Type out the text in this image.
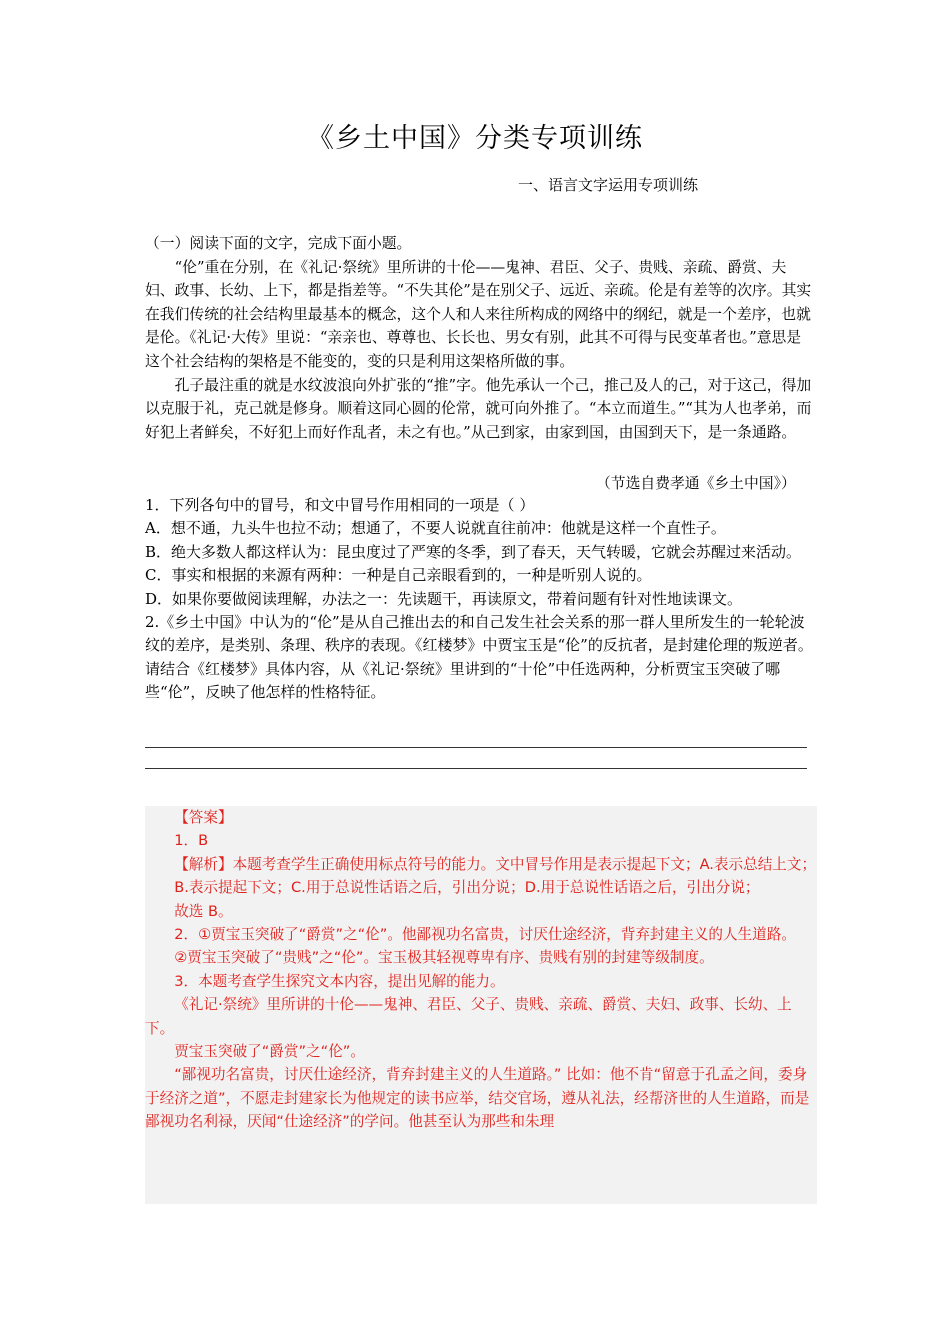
《乡土中国》分类专项训练
一、语言文字运用专项训练

（一）阅读下面的文字，完成下面小题。

“伦”重在分别，在《礼记·祭统》里所讲的十伦——鬼神、君臣、父子、贵贱、亲疏、爵赏、夫妇、政事、长幼、上下，都是指差等。“不失其伦”是在别父子、远近、亲疏。伦是有差等的次序。其实在我们传统的社会结构里最基本的概念，这个人和人来往所构成的网络中的纲纪，就是一个差序，也就是伦。《礼记·大传》里说：“亲亲也、尊尊也、长长也、男女有别，此其不可得与民变革者也。”意思是这个社会结构的架格是不能变的，变的只是利用这架格所做的事。

孔子最注重的就是水纹波浪向外扩张的“推”字。他先承认一个己，推己及人的己，对于这己，得加以克服于礼，克己就是修身。顺着这同心圆的伦常，就可向外推了。“本立而道生。”“其为人也孝弟，而好犯上者鲜矣，不好犯上而好作乱者，未之有也。”从己到家，由家到国，由国到天下，是一条通路。

（节选自费孝通《乡土中国》）

1．下列各句中的冒号，和文中冒号作用相同的一项是（ ）

A．想不通，九头牛也拉不动；想通了，不要人说就直往前冲：他就是这样一个直性子。

B．绝大多数人都这样认为：昆虫度过了严寒的冬季，到了春天，天气转暖，它就会苏醒过来活动。

C．事实和根据的来源有两种：一种是自己亲眼看到的，一种是听别人说的。

D．如果你要做阅读理解，办法之一：先读题干，再读原文，带着问题有针对性地读课文。

2.《乡土中国》中认为的“伦”是从自己推出去的和自己发生社会关系的那一群人里所发生的一轮轮波纹的差序，是类别、条理、秩序的表现。《红楼梦》中贾宝玉是“伦”的反抗者，是封建伦理的叛逆者。请结合《红楼梦》具体内容，从《礼记·祭统》里讲到的“十伦”中任选两种，分析贾宝玉突破了哪些“伦”，反映了他怎样的性格特征。

【答案】

1．B

【解析】本题考查学生正确使用标点符号的能力。文中冒号作用是表示提起下文；A.表示总结上文；

B.表示提起下文；C.用于总说性话语之后，引出分说；D.用于总说性话语之后，引出分说；

故选 B。

2．①贾宝玉突破了“爵赏”之“伦”。他鄙视功名富贵，讨厌仕途经济，背弃封建主义的人生道路。

②贾宝玉突破了“贵贱”之“伦”。宝玉极其轻视尊卑有序、贵贱有别的封建等级制度。

3．本题考查学生探究文本内容，提出见解的能力。

《礼记·祭统》里所讲的十伦——鬼神、君臣、父子、贵贱、亲疏、爵赏、夫妇、政事、长幼、上下。

贾宝玉突破了“爵赏”之“伦”。

“鄙视功名富贵，讨厌仕途经济，背弃封建主义的人生道路。” 比如：他不肯“留意于孔孟之间，委身于经济之道”，不愿走封建家长为他规定的读书应举，结交官场，遵从礼法，经帮济世的人生道路，而是鄙视功名利禄，厌闻“仕途经济”的学问。他甚至认为那些和朱理
